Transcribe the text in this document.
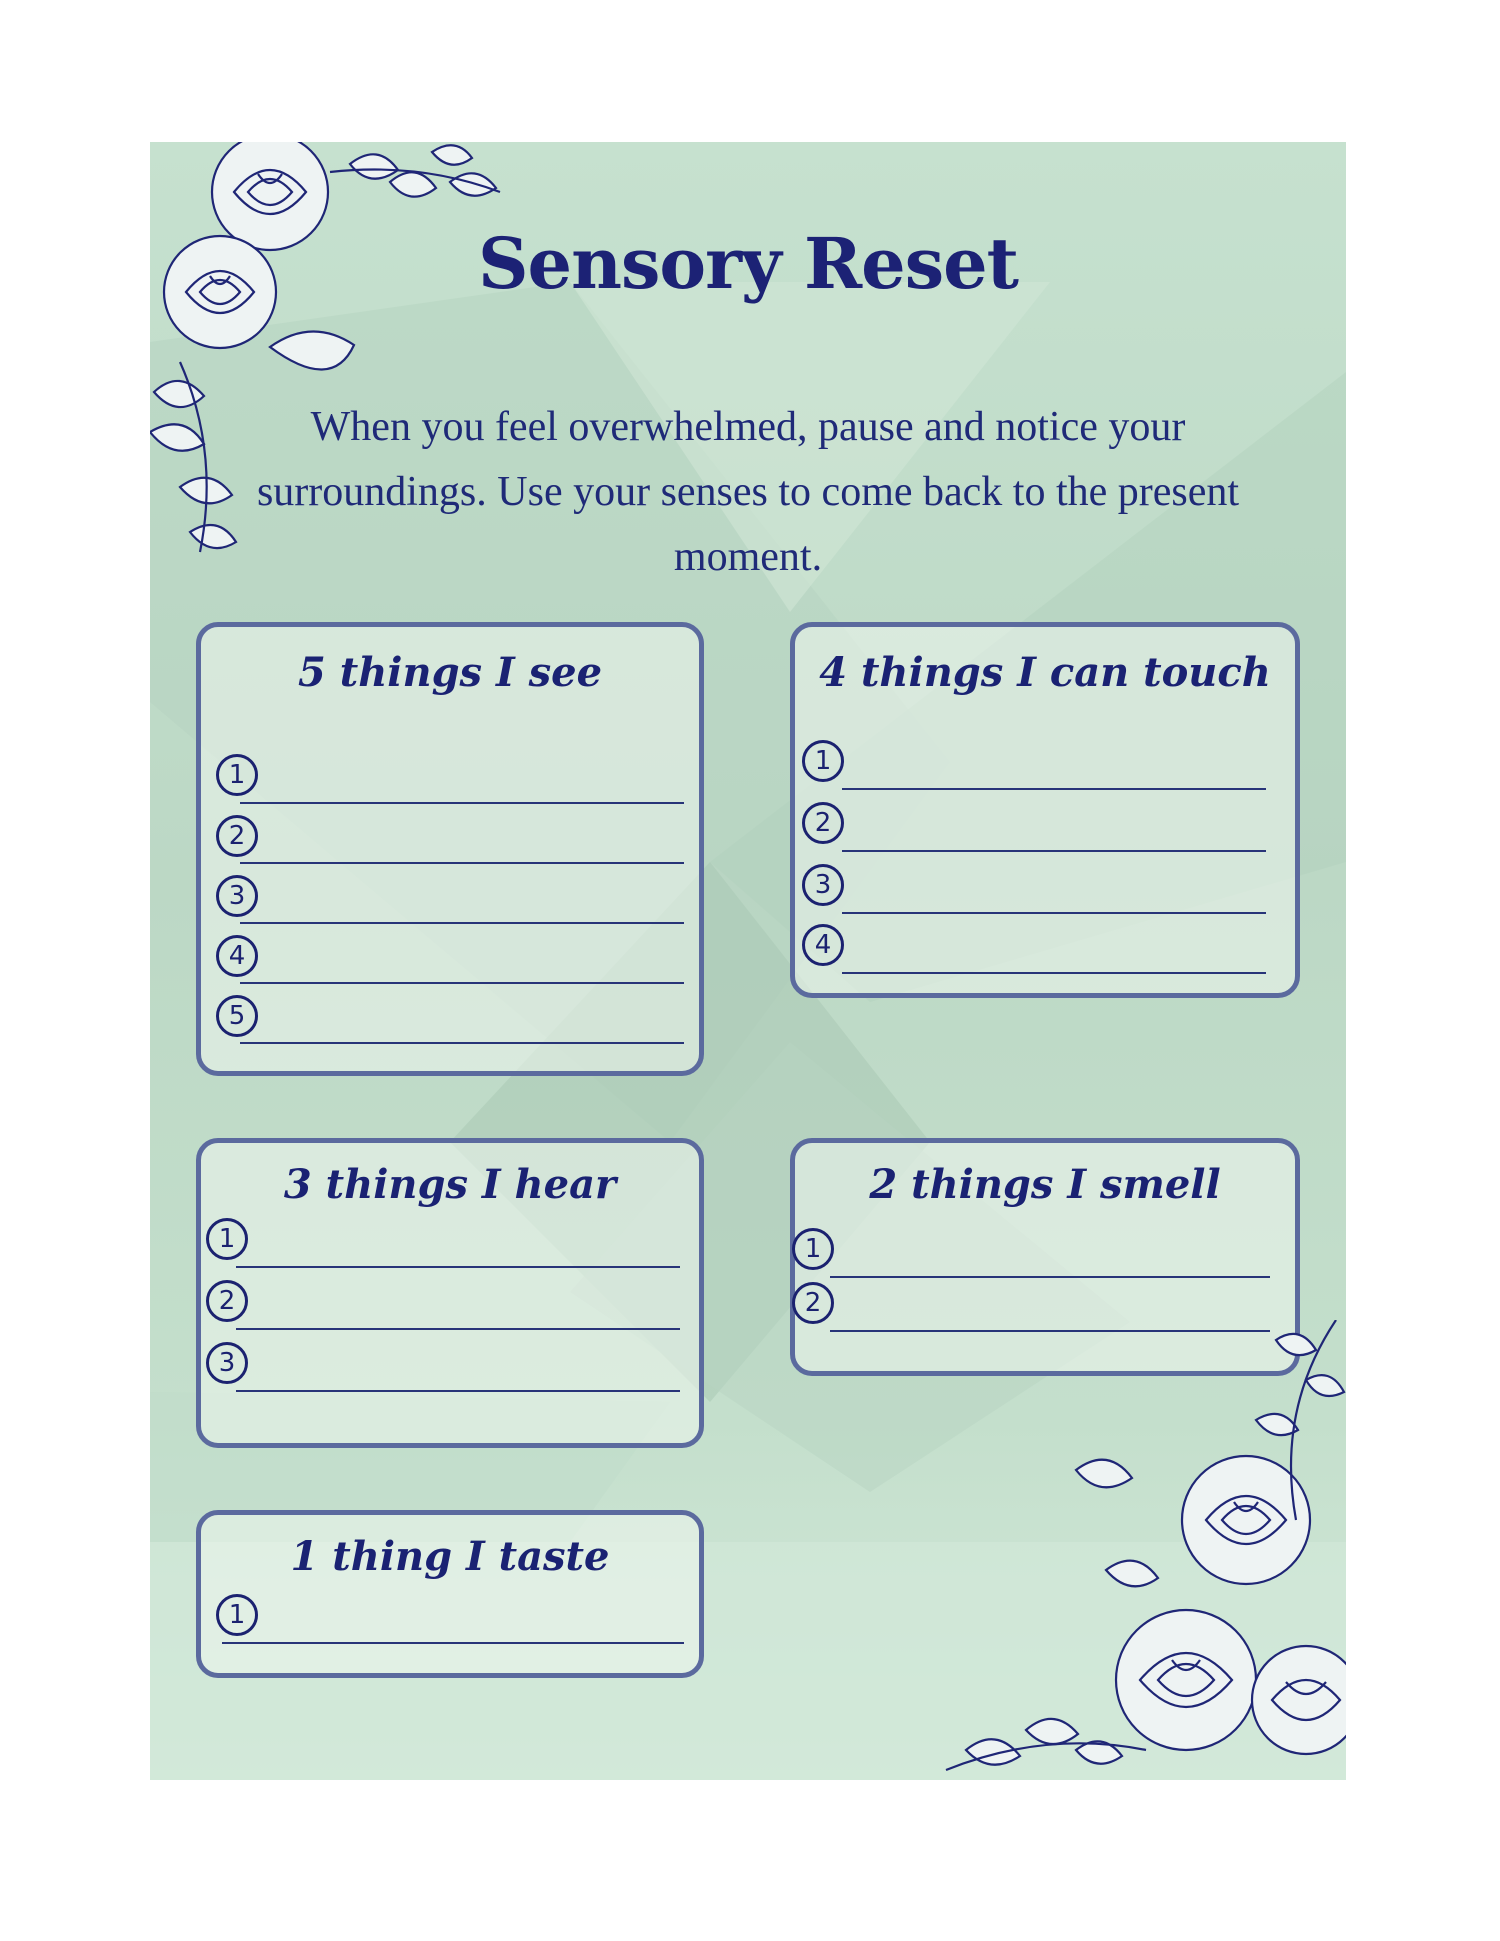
Sensory Reset

When you feel overwhelmed, pause and notice your surroundings. Use your senses to come back to the present moment.

5 things I see
1
2
3
4
5
4 things I can touch
1
2
3
4
3 things I hear
1
2
3
2 things I smell
1
2
1 thing I taste
1
